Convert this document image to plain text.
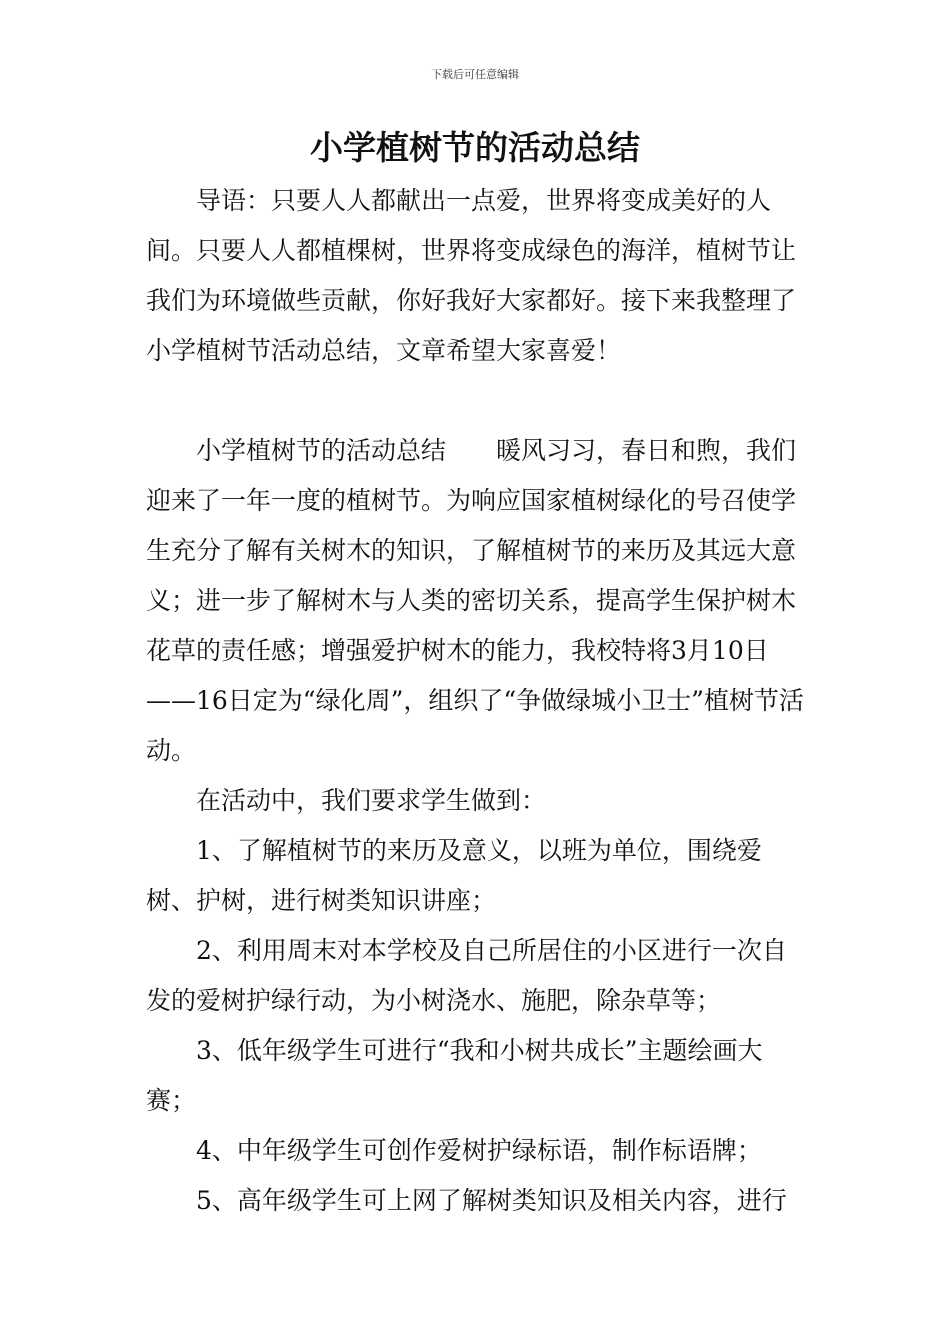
下载后可任意编辑
小学植树节的活动总结

导语：只要人人都献出一点爱，世界将变成美好的人间。只要人人都植棵树，世界将变成绿色的海洋，植树节让我们为环境做些贡献，你好我好大家都好。接下来我整理了小学植树节活动总结，文章希望大家喜爱！

小学植树节的活动总结　　暖风习习，春日和煦，我们迎来了一年一度的植树节。为响应国家植树绿化的号召使学生充分了解有关树木的知识，了解植树节的来历及其远大意义；进一步了解树木与人类的密切关系，提高学生保护树木花草的责任感；增强爱护树木的能力，我校特将3月10日——16日定为“绿化周”，组织了“争做绿城小卫士”植树节活动。

在活动中，我们要求学生做到：

1、了解植树节的来历及意义，以班为单位，围绕爱树、护树，进行树类知识讲座；

2、利用周末对本学校及自己所居住的小区进行一次自发的爱树护绿行动，为小树浇水、施肥，除杂草等；

3、低年级学生可进行“我和小树共成长”主题绘画大赛；

4、中年级学生可创作爱树护绿标语，制作标语牌；

5、高年级学生可上网了解树类知识及相关内容，进行
